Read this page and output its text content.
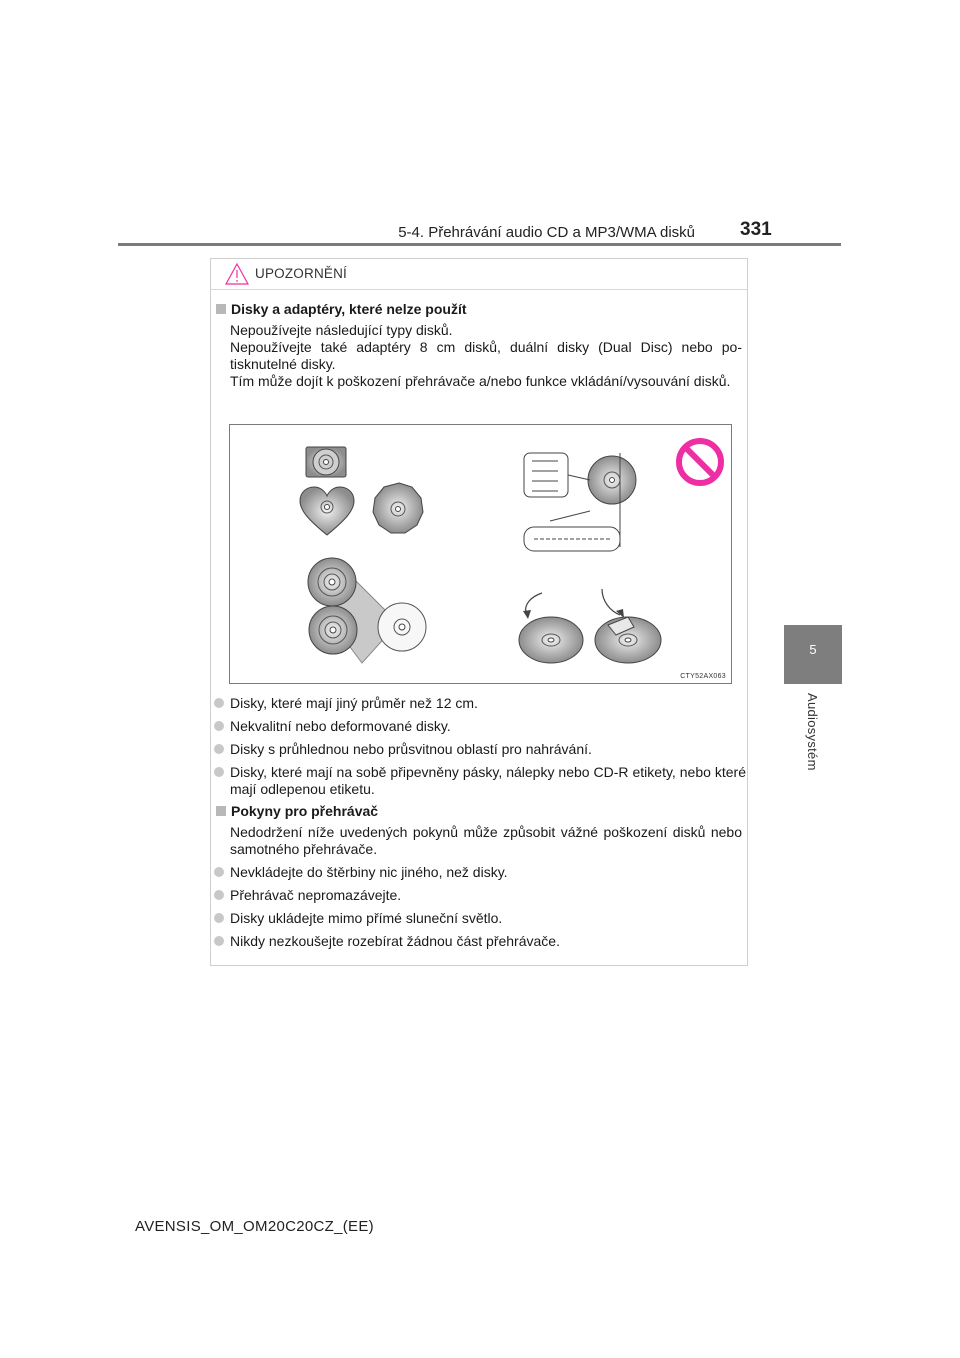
5-4. Přehrávání audio CD a MP3/WMA disků 331
5
Audiosystém
UPOZORNĚNÍ
Disky a adaptéry, které nelze použít
Nepoužívejte následující typy disků.
Nepoužívejte také adaptéry 8 cm disků, duální disky (Dual Disc) nebo po- tisknutelné disky.
Tím může dojít k poškození přehrávače a/nebo funkce vkládání/vysouvání disků.
CTY52AX063
Disky, které mají jiný průměr než 12 cm.
Nekvalitní nebo deformované disky.
Disky s průhlednou nebo průsvitnou oblastí pro nahrávání.
Disky, které mají na sobě připevněny pásky, nálepky nebo CD-R etikety, nebo které mají odlepenou etiketu.
Pokyny pro přehrávač
Nedodržení níže uvedených pokynů může způsobit vážné poškození disků nebo samotného přehrávače.
Nevkládejte do štěrbiny nic jiného, než disky.
Přehrávač nepromazávejte.
Disky ukládejte mimo přímé sluneční světlo.
Nikdy nezkoušejte rozebírat žádnou část přehrávače.
AVENSIS_OM_OM20C20CZ_(EE)
